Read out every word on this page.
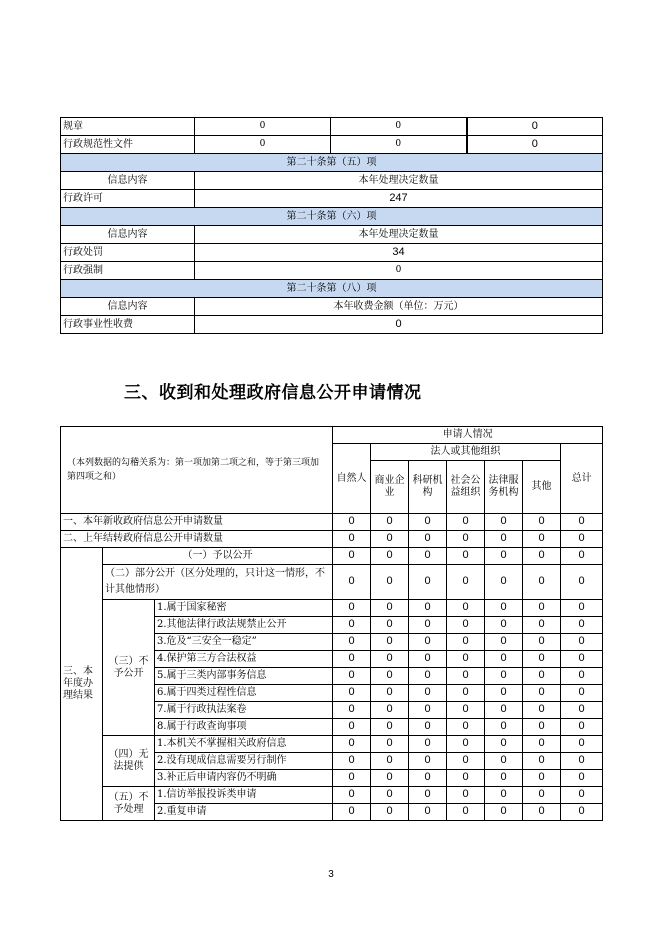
规章	0	0	0
行政规范性文件	0	0	0
第二十条第（五）项			
信息内容	本年处理决定数量		
行政许可	247		
第二十条第（六）项			
信息内容	本年处理决定数量		
行政处罚	34		
行政强制	0		
第二十条第（八）项			
信息内容	本年收费金额（单位：万元）		
行政事业性收费	0		
三、收到和处理政府信息公开申请情况
（本列数据的勾稽关系为：第一项加第二项之和，等于第三项加第四项之和）			申请人情况						
			自然人	法人或其他组织					总计
				商业企业	科研机构	社会公益组织	法律服务机构	其他	

一、本年新收政府信息公开申请数量			0	0	0	0	0	0	0
二、上年结转政府信息公开申请数量			0	0	0	0	0	0	0
三、本年度办理结果	（一）予以公开		0	0	0	0	0	0	0
	（二）部分公开（区分处理的，只计这一情形，不计其他情形）		0	0	0	0	0	0	0
	（三）不予公开	1.属于国家秘密	0	0	0	0	0	0	0
		2.其他法律行政法规禁止公开	0	0	0	0	0	0	0
		3.危及“三安全一稳定”	0	0	0	0	0	0	0
		4.保护第三方合法权益	0	0	0	0	0	0	0
		5.属于三类内部事务信息	0	0	0	0	0	0	0
		6.属于四类过程性信息	0	0	0	0	0	0	0
		7.属于行政执法案卷	0	0	0	0	0	0	0
		8.属于行政查询事项	0	0	0	0	0	0	0
	（四）无法提供	1.本机关不掌握相关政府信息	0	0	0	0	0	0	0
		2.没有现成信息需要另行制作	0	0	0	0	0	0	0
		3.补正后申请内容仍不明确	0	0	0	0	0	0	0
	（五）不予处理	1.信访举报投诉类申请	0	0	0	0	0	0	0
		2.重复申请	0	0	0	0	0	0	0
3
